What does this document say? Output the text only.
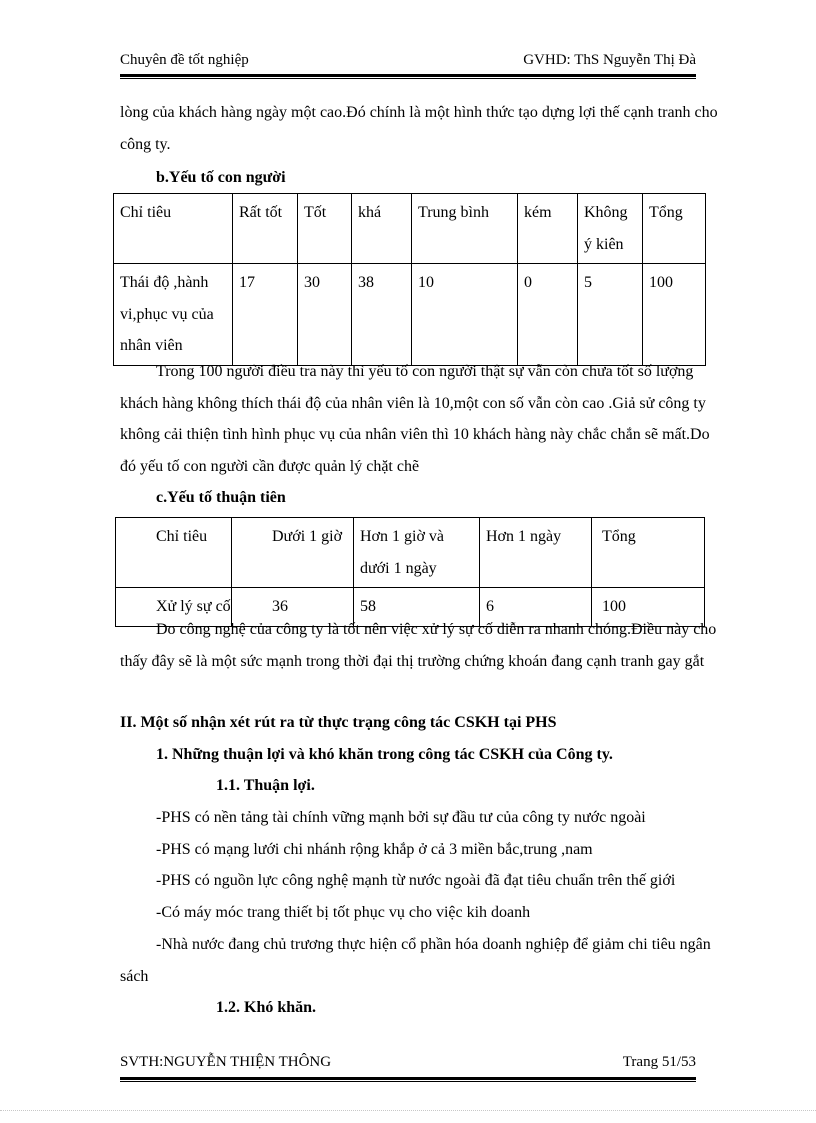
Chuyên đề tốt nghiệp	GVHD: ThS Nguyễn Thị Đà
lòng của khách hàng ngày một cao.Đó chính là một hình thức tạo dựng lợi thế cạnh tranh cho công ty.
b.Yếu tố con người
Chỉ tiêu	Rất tốt	Tốt	khá	Trung bình	kém	Không ý kiên	Tổng
Thái độ ,hành vi,phục vụ của nhân viên	17	30	38	10	0	5	100
Trong 100 người điều tra này thì yếu tố con người thật sự vẫn còn chưa tốt số lượng khách hàng không thích thái độ của nhân viên là 10,một con số vẫn còn cao .Giả sử công ty không cải thiện tình hình phục vụ của nhân viên thì 10 khách hàng này chắc chắn sẽ mất.Do đó yếu tố con người cần được quản lý chặt chẽ
c.Yếu tố thuận tiên
Chỉ tiêu	Dưới 1 giờ	Hơn 1 giờ và dưới 1 ngày	Hơn 1 ngày	Tổng
Xử lý sự cố	36	58	6	100
Do công nghệ của công ty là tốt nên việc xử lý sự cố diễn ra nhanh chóng.Điều này cho thấy đây sẽ là một sức mạnh trong thời đại thị trường chứng khoán đang cạnh tranh gay gắt
II. Một số nhận xét rút ra từ thực trạng công tác CSKH tại PHS
1. Những thuận lợi và khó khăn trong công tác CSKH của Công ty.
1.1. Thuận lợi.
-PHS có nền tảng tài chính vững mạnh bởi sự đầu tư của công ty nước ngoài
-PHS có mạng lưới chi nhánh rộng khắp ở cả 3 miền bắc,trung ,nam
-PHS có nguồn lực công nghệ mạnh từ nước ngoài đã đạt tiêu chuẩn trên thế giới
-Có máy móc trang thiết bị tốt phục vụ cho việc kih doanh
-Nhà nước đang chủ trương thực hiện cổ phần hóa doanh nghiệp để giảm chi tiêu ngân sách
1.2. Khó khăn.
SVTH:NGUYỄN THIỆN THÔNG	Trang 51/53
